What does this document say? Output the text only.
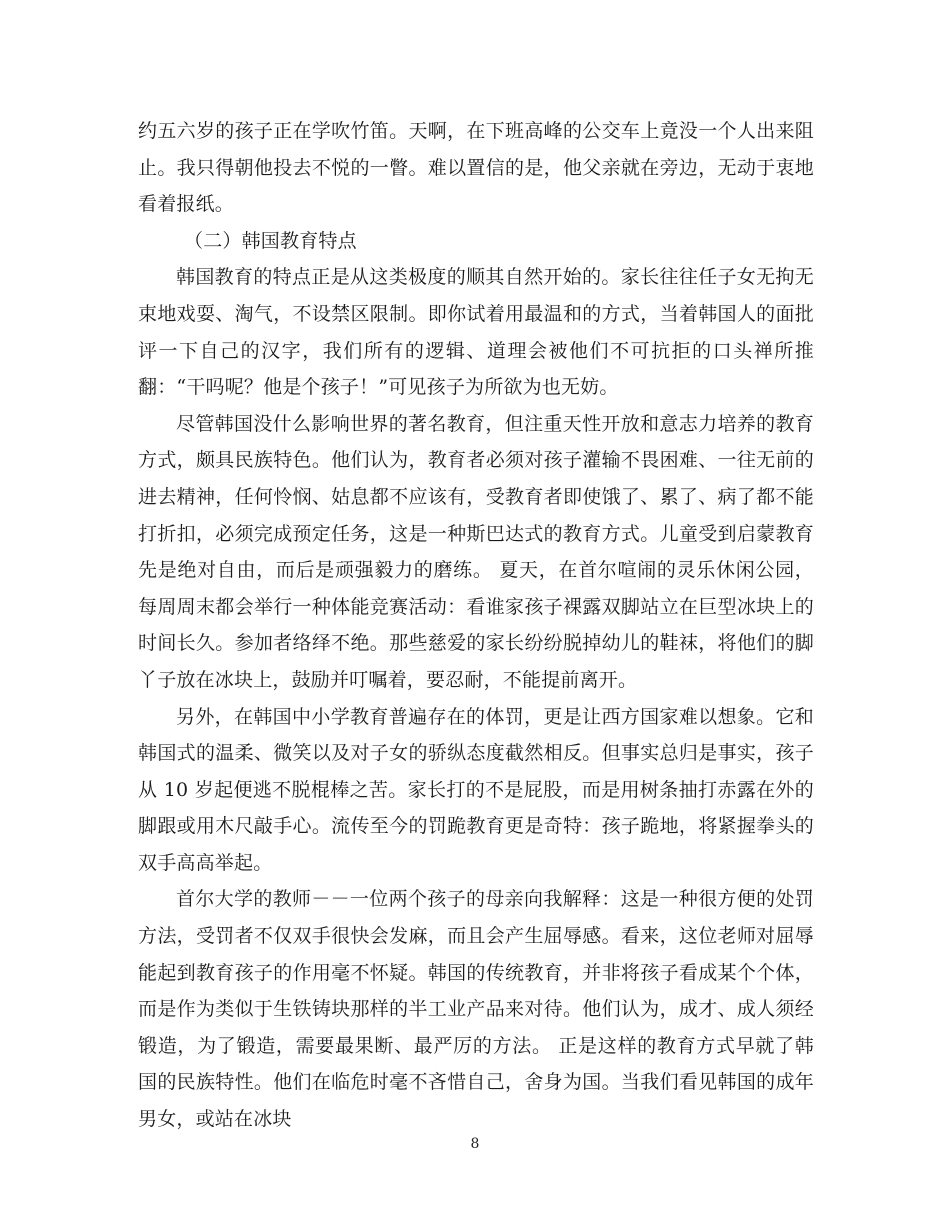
约五六岁的孩子正在学吹竹笛。天啊，在下班高峰的公交车上竟没一个人出来阻止。我只得朝他投去不悦的一瞥。难以置信的是，他父亲就在旁边，无动于衷地看着报纸。

（二）韩国教育特点

韩国教育的特点正是从这类极度的顺其自然开始的。家长往往任子女无拘无束地戏耍、淘气，不设禁区限制。即你试着用最温和的方式，当着韩国人的面批评一下自己的汉字，我们所有的逻辑、道理会被他们不可抗拒的口头禅所推翻：“干吗呢？他是个孩子！”可见孩子为所欲为也无妨。

尽管韩国没什么影响世界的著名教育，但注重天性开放和意志力培养的教育方式，颇具民族特色。他们认为，教育者必须对孩子灌输不畏困难、一往无前的进去精神，任何怜悯、姑息都不应该有，受教育者即使饿了、累了、病了都不能打折扣，必须完成预定任务，这是一种斯巴达式的教育方式。儿童受到启蒙教育先是绝对自由，而后是顽强毅力的磨练。 夏天，在首尔喧闹的灵乐休闲公园，每周周末都会举行一种体能竞赛活动：看谁家孩子裸露双脚站立在巨型冰块上的时间长久。参加者络绎不绝。那些慈爱的家长纷纷脱掉幼儿的鞋袜，将他们的脚丫子放在冰块上，鼓励并叮嘱着，要忍耐，不能提前离开。

另外，在韩国中小学教育普遍存在的体罚，更是让西方国家难以想象。它和韩国式的温柔、微笑以及对子女的骄纵态度截然相反。但事实总归是事实，孩子从 10 岁起便逃不脱棍棒之苦。家长打的不是屁股，而是用树条抽打赤露在外的脚跟或用木尺敲手心。流传至今的罚跪教育更是奇特：孩子跪地，将紧握拳头的双手高高举起。

首尔大学的教师－－一位两个孩子的母亲向我解释：这是一种很方便的处罚方法，受罚者不仅双手很快会发麻，而且会产生屈辱感。看来，这位老师对屈辱能起到教育孩子的作用毫不怀疑。韩国的传统教育，并非将孩子看成某个个体，而是作为类似于生铁铸块那样的半工业产品来对待。他们认为，成才、成人须经锻造，为了锻造，需要最果断、最严厉的方法。 正是这样的教育方式早就了韩国的民族特性。他们在临危时毫不吝惜自己，舍身为国。当我们看见韩国的成年男女，或站在冰块

8
